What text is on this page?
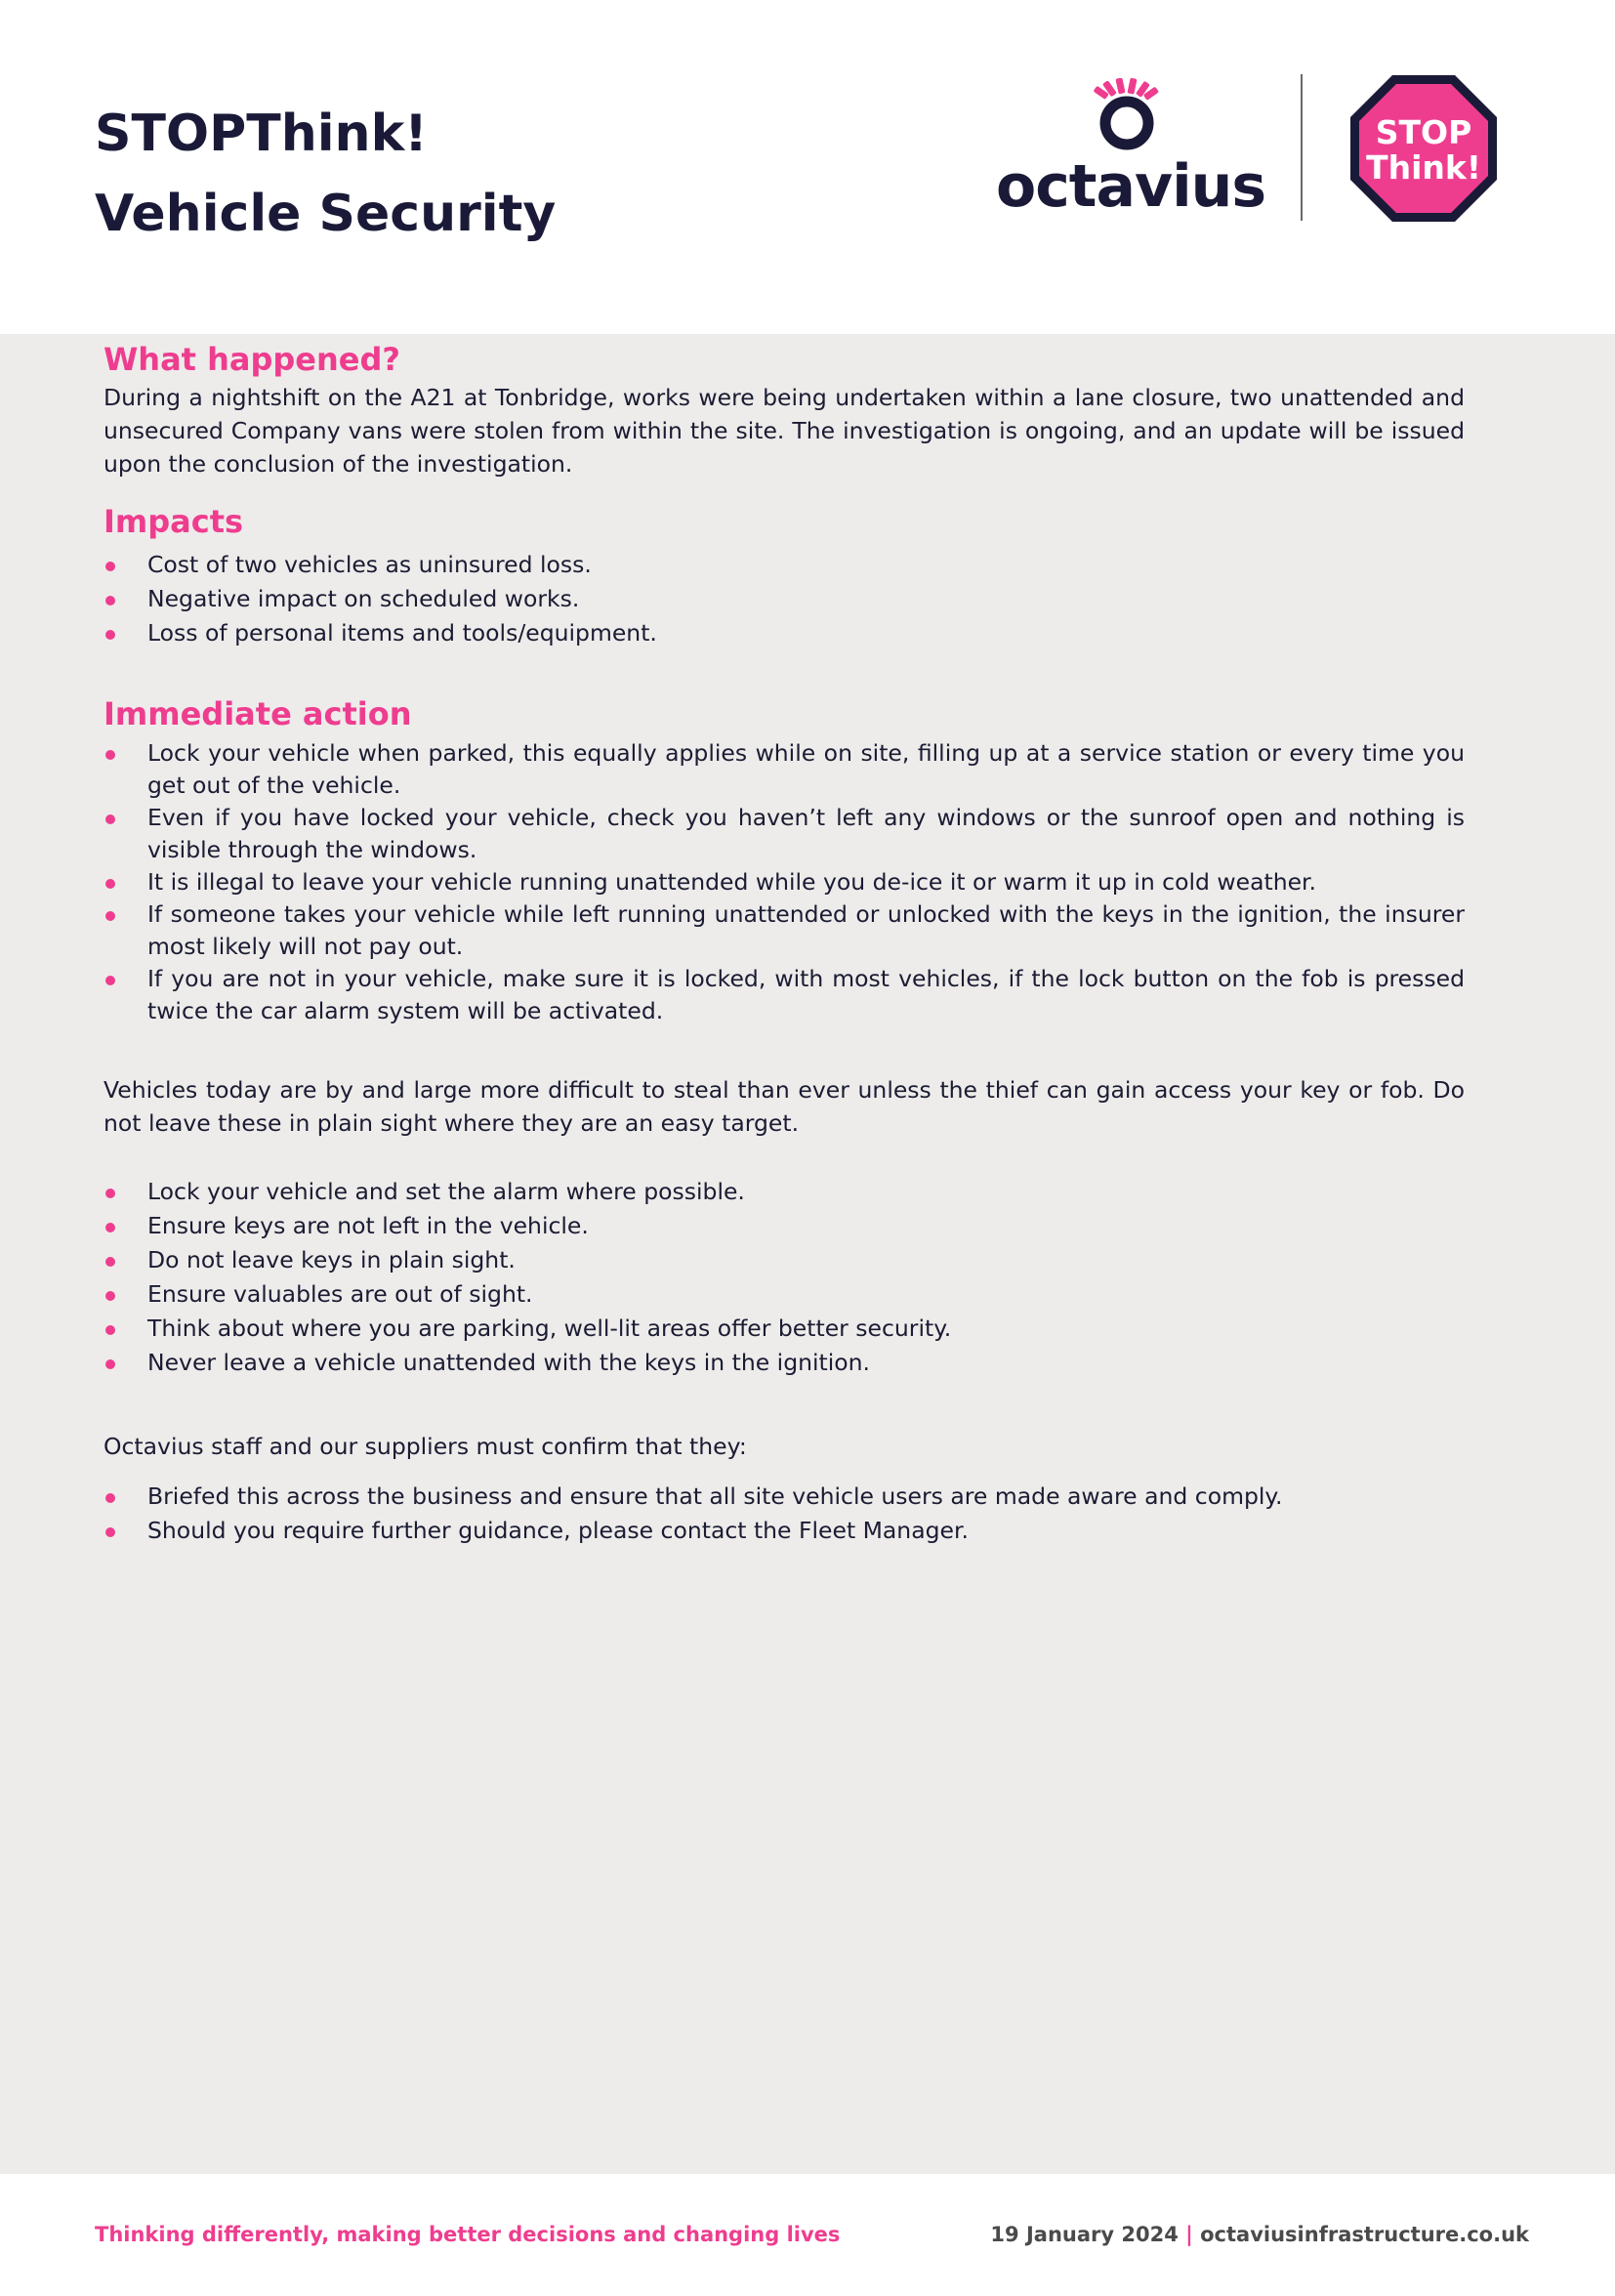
STOPThink!
Vehicle Security	octavius
STOP
Think!
What happened?

During a nightshift on the A21 at Tonbridge, works were being undertaken within a lane closure, two unattended and unsecured Company vans were stolen from within the site. The investigation is ongoing, and an update will be issued upon the conclusion of the investigation.

Impacts
Cost of two vehicles as uninsured loss.
Negative impact on scheduled works.
Loss of personal items and tools/equipment.
Immediate action
Lock your vehicle when parked, this equally applies while on site, filling up at a service station or every time you get out of the vehicle.
Even if you have locked your vehicle, check you haven’t left any windows or the sunroof open and nothing is visible through the windows.
It is illegal to leave your vehicle running unattended while you de-ice it or warm it up in cold weather.
If someone takes your vehicle while left running unattended or unlocked with the keys in the ignition, the insurer most likely will not pay out.
If you are not in your vehicle, make sure it is locked, with most vehicles, if the lock button on the fob is pressed twice the car alarm system will be activated.

Vehicles today are by and large more difficult to steal than ever unless the thief can gain access your key or fob. Do not leave these in plain sight where they are an easy target.

Lock your vehicle and set the alarm where possible.
Ensure keys are not left in the vehicle.
Do not leave keys in plain sight.
Ensure valuables are out of sight.
Think about where you are parking, well-lit areas offer better security.
Never leave a vehicle unattended with the keys in the ignition.

Octavius staff and our suppliers must confirm that they:

Briefed this across the business and ensure that all site vehicle users are made aware and comply.
Should you require further guidance, please contact the Fleet Manager.
Thinking differently, making better decisions and changing lives	19 January 2024 | octaviusinfrastructure.co.uk
